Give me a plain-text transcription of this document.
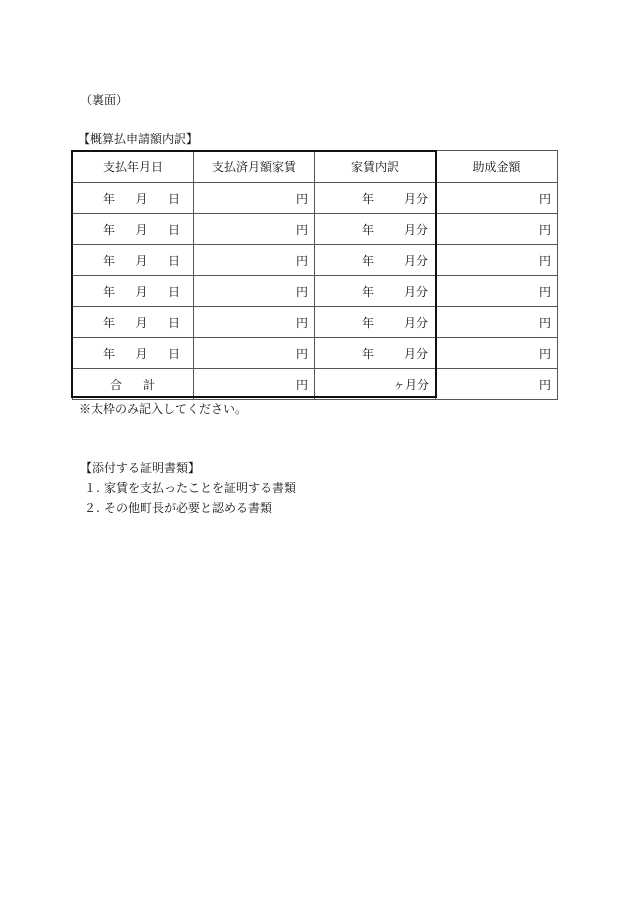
（裏面）
【概算払申請額内訳】
支払年月日	支払済月額家賃	家賃内訳	助成金額

年 月 日	円	年 月分	円

年 月 日	円	年 月分	円

年 月 日	円	年 月分	円

年 月 日	円	年 月分	円

年 月 日	円	年 月分	円

年 月 日	円	年 月分	円

合 計	円	ヶ月分	円
※太枠のみ記入してください。
【添付する証明書類】
１. 家賃を支払ったことを証明する書類
２. その他町長が必要と認める書類
